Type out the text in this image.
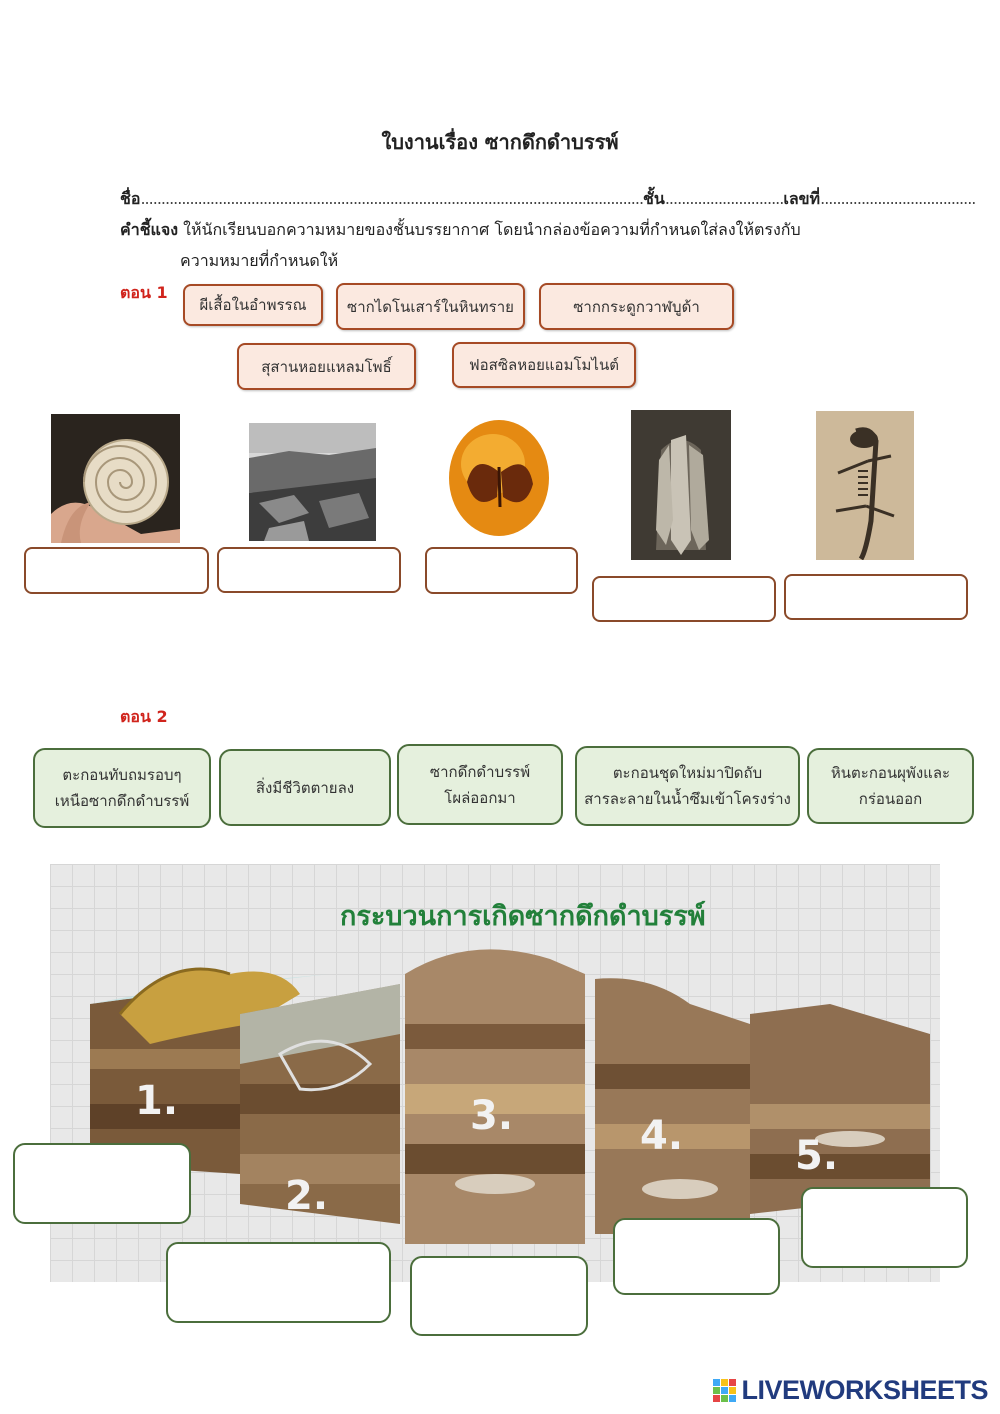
ใบงานเรื่อง ซากดึกดำบรรพ์
ชื่อ...........................................................................................................................ชั้น.............................เลขที่......................................
คำชี้แจง ให้นักเรียนบอกความหมายของชั้นบรรยากาศ โดยนำกล่องข้อความที่กำหนดใส่ลงให้ตรงกับ
ความหมายที่กำหนดให้
ตอน 1
ผีเสื้อในอำพรรณ	ซากไดโนเสาร์ในหินทราย	ซากกระดูกวาฬบูด้า
สุสานหอยแหลมโพธิ์	ฟอสซิลหอยแอมโมไนต์
ตอน 2
ตะกอนทับถมรอบๆ
เหนือซากดึกดำบรรพ์
สิ่งมีชีวิตตายลง
ซากดึกดำบรรพ์
โผล่ออกมา
ตะกอนชุดใหม่มาปิดถับ
สารละลายในน้ำซึมเข้าโครงร่าง
หินตะกอนผุพังและ
กร่อนออก
กระบวนการเกิดซากดึกดำบรรพ์
1.
2.
3.	4.	5.
LIVEWORKSHEETS
